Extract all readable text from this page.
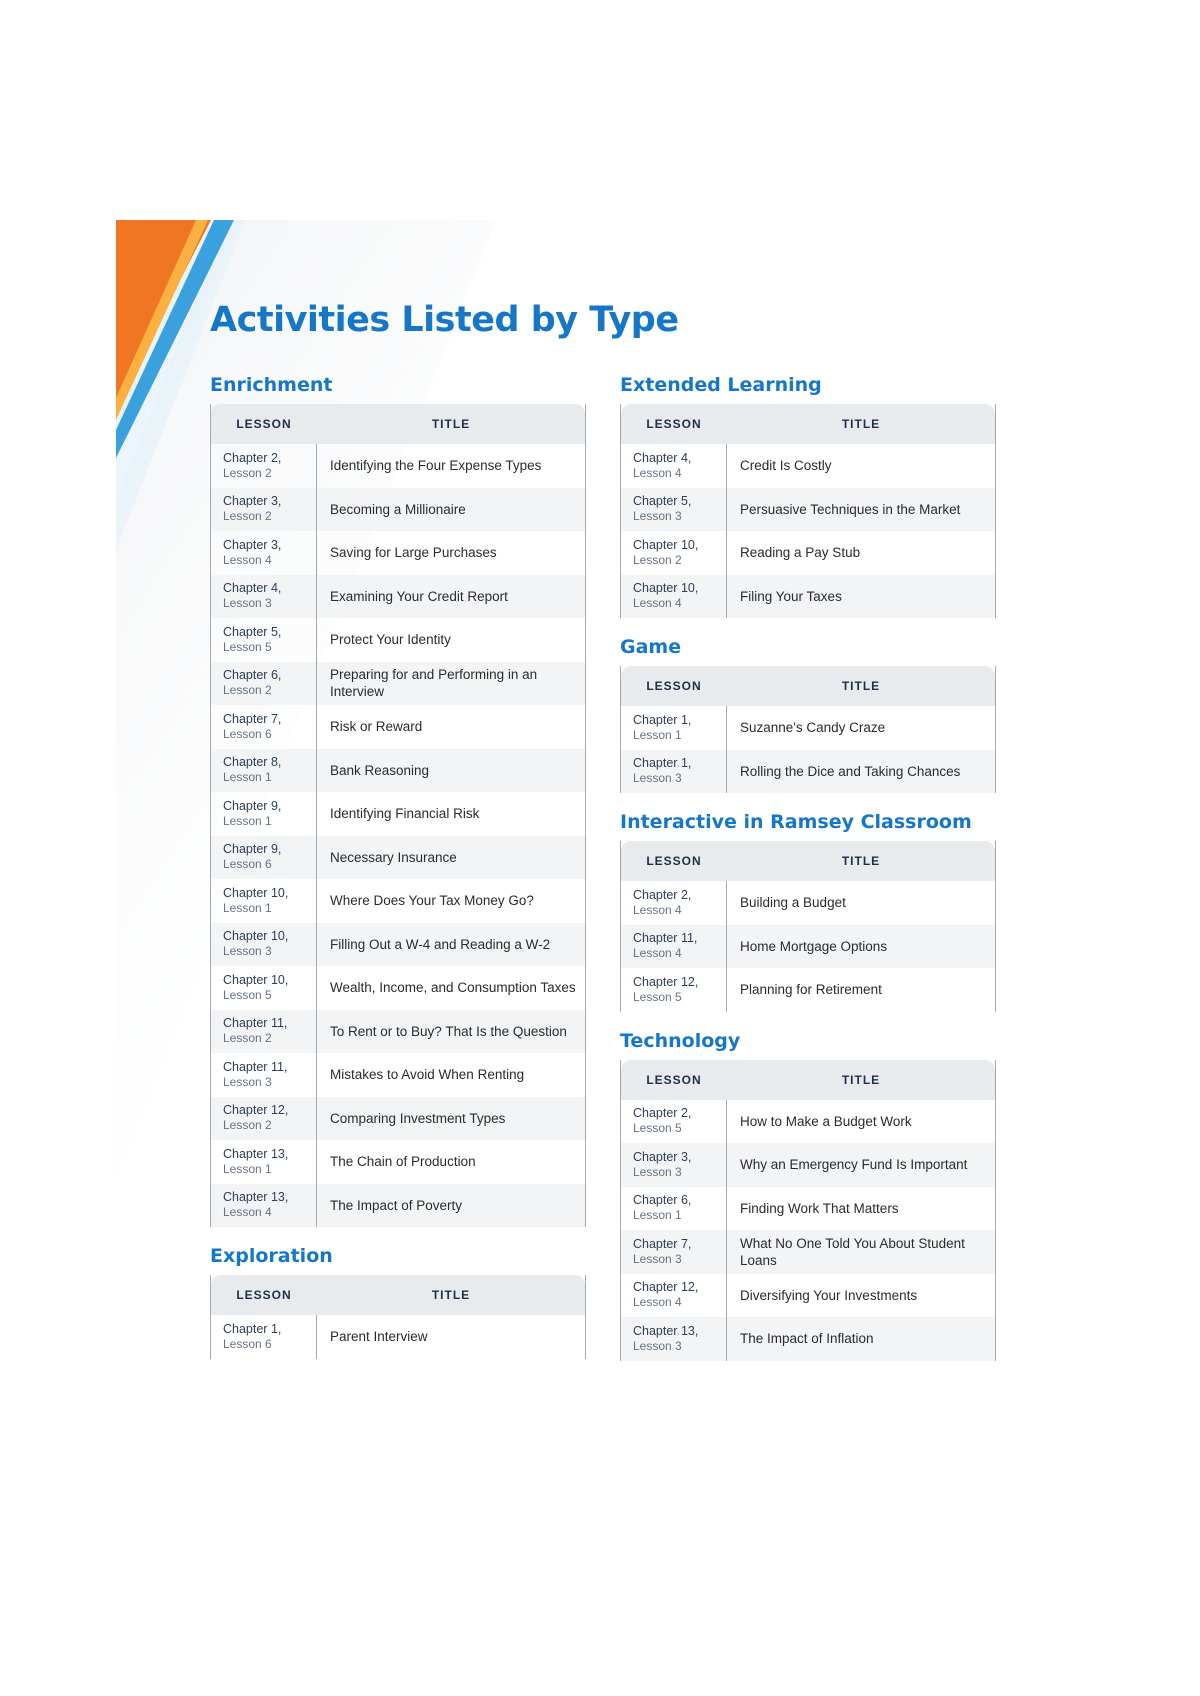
Activities Listed by Type
Enrichment
LESSON	TITLE
Chapter 2,
Lesson 2	Identifying the Four Expense Types
Chapter 3,
Lesson 2	Becoming a Millionaire
Chapter 3,
Lesson 4	Saving for Large Purchases
Chapter 4,
Lesson 3	Examining Your Credit Report
Chapter 5,
Lesson 5	Protect Your Identity
Chapter 6,
Lesson 2	Preparing for and Performing in an Interview
Chapter 7,
Lesson 6	Risk or Reward
Chapter 8,
Lesson 1	Bank Reasoning
Chapter 9,
Lesson 1	Identifying Financial Risk
Chapter 9,
Lesson 6	Necessary Insurance
Chapter 10,
Lesson 1	Where Does Your Tax Money Go?
Chapter 10,
Lesson 3	Filling Out a W-4 and Reading a W-2
Chapter 10,
Lesson 5	Wealth, Income, and Consumption Taxes
Chapter 11,
Lesson 2	To Rent or to Buy? That Is the Question
Chapter 11,
Lesson 3	Mistakes to Avoid When Renting
Chapter 12,
Lesson 2	Comparing Investment Types
Chapter 13,
Lesson 1	The Chain of Production
Chapter 13,
Lesson 4	The Impact of Poverty
Exploration
LESSON	TITLE
Chapter 1,
Lesson 6	Parent Interview
Extended Learning
LESSON	TITLE
Chapter 4,
Lesson 4	Credit Is Costly
Chapter 5,
Lesson 3	Persuasive Techniques in the Market
Chapter 10,
Lesson 2	Reading a Pay Stub
Chapter 10,
Lesson 4	Filing Your Taxes
Game
LESSON	TITLE
Chapter 1,
Lesson 1	Suzanne's Candy Craze
Chapter 1,
Lesson 3	Rolling the Dice and Taking Chances
Interactive in Ramsey Classroom
LESSON	TITLE
Chapter 2,
Lesson 4	Building a Budget
Chapter 11,
Lesson 4	Home Mortgage Options
Chapter 12,
Lesson 5	Planning for Retirement
Technology
LESSON	TITLE
Chapter 2,
Lesson 5	How to Make a Budget Work
Chapter 3,
Lesson 3	Why an Emergency Fund Is Important
Chapter 6,
Lesson 1	Finding Work That Matters
Chapter 7,
Lesson 3	What No One Told You About Student Loans
Chapter 12,
Lesson 4	Diversifying Your Investments
Chapter 13,
Lesson 3	The Impact of Inflation
